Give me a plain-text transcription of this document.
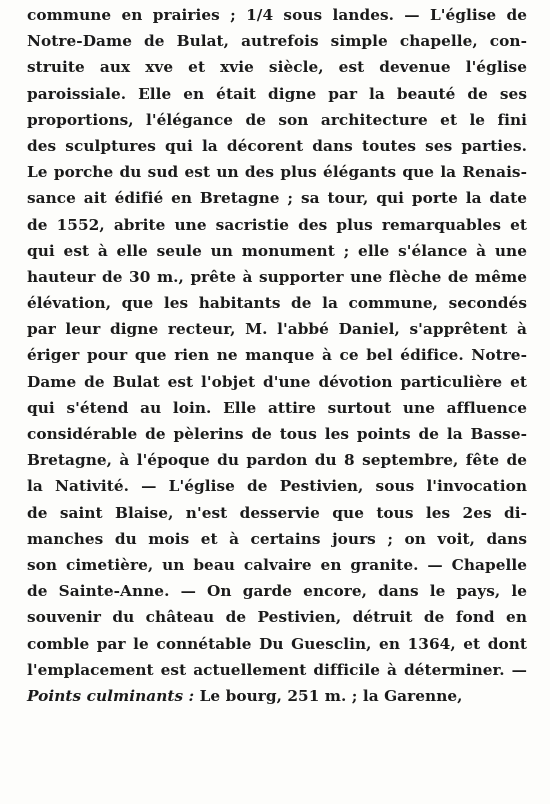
commune en prairies ; 1/4 sous landes. — L'église de
Notre-Dame de Bulat, autrefois simple chapelle, con-
struite aux xve et xvie siècle, est devenue l'église
paroissiale. Elle en était digne par la beauté de ses
proportions, l'élégance de son architecture et le fini
des sculptures qui la décorent dans toutes ses parties.
Le porche du sud est un des plus élégants que la Renais-
sance ait édifié en Bretagne ; sa tour, qui porte la date
de 1552, abrite une sacristie des plus remarquables et
qui est à elle seule un monument ; elle s'élance à une
hauteur de 30 m., prête à supporter une flèche de même
élévation, que les habitants de la commune, secondés
par leur digne recteur, M. l'abbé Daniel, s'apprêtent à
ériger pour que rien ne manque à ce bel édifice. Notre-
Dame de Bulat est l'objet d'une dévotion particulière et
qui s'étend au loin. Elle attire surtout une affluence
considérable de pèlerins de tous les points de la Basse-
Bretagne, à l'époque du pardon du 8 septembre, fête de
la Nativité. — L'église de Pestivien, sous l'invocation
de saint Blaise, n'est desservie que tous les 2es di-
manches du mois et à certains jours ; on voit, dans
son cimetière, un beau calvaire en granite. — Chapelle
de Sainte-Anne. — On garde encore, dans le pays, le
souvenir du château de Pestivien, détruit de fond en
comble par le connétable Du Guesclin, en 1364, et dont
l'emplacement est actuellement difficile à déterminer. —
Points culminants : Le bourg, 251 m. ; la Garenne,
